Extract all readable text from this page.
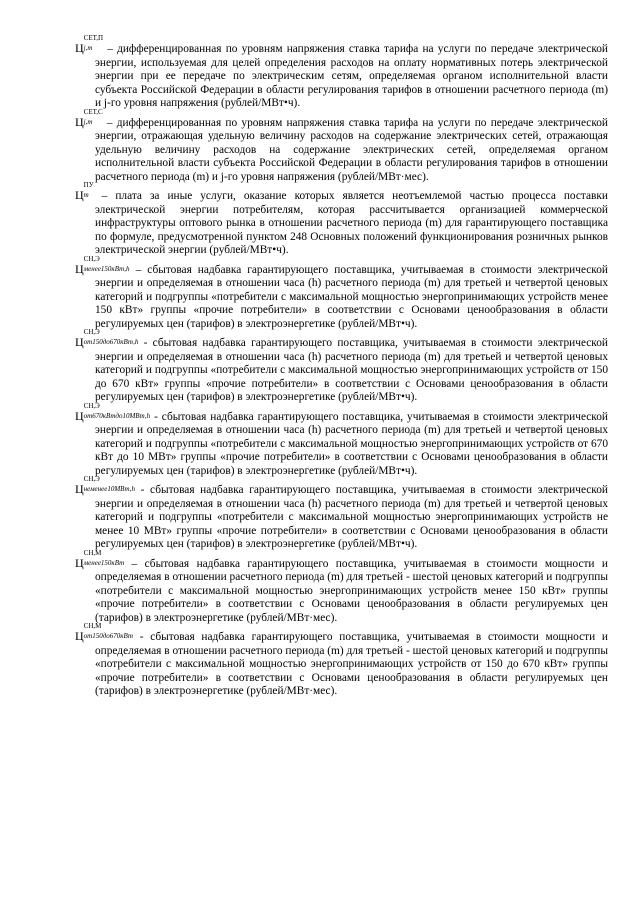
Ц
СЕТ,П
j,m – дифференцированная по уровням напряжения ставка тарифа на услуги по передаче электрической энергии, используемая для целей определения расходов на оплату нормативных потерь электрической энергии при ее передаче по электрическим сетям, определяемая органом исполнительной власти субъекта Российской Федерации в области регулирования тарифов в отношении расчетного периода (m) и j-го уровня напряжения (рублей/МВт•ч).

Ц
СЕТ,С
j,m – дифференцированная по уровням напряжения ставка тарифа на услуги по передаче электрической энергии, отражающая удельную величину расходов на содержание электрических сетей, отражающая удельную величину расходов на содержание электрических сетей, определяемая органом исполнительной власти субъекта Российской Федерации в области регулирования тарифов в отношении расчетного периода (m) и j-го уровня напряжения (рублей/МВт·мес).

Ц
ПУ
m – плата за иные услуги, оказание которых является неотъемлемой частью процесса поставки электрической энергии потребителям, которая рассчитывается организацией коммерческой инфраструктуры оптового рынка в отношении расчетного периода (m) для гарантирующего поставщика по формуле, предусмотренной пунктом 248 Основных положений функционирования розничных рынков электрической энергии (рублей/МВт•ч).

Ц
СН,Э
менее150кВт,h – сбытовая надбавка гарантирующего поставщика, учитываемая в стоимости электрической энергии и определяемая в отношении часа (h) расчетного периода (m) для третьей и четвертой ценовых категорий и подгруппы «потребители с максимальной мощностью энергопринимающих устройств менее 150 кВт» группы «прочие потребители» в соответствии с Основами ценообразования в области регулируемых цен (тарифов) в электроэнергетике (рублей/МВт•ч).

Ц
СН,Э
от150до670кВт,h - сбытовая надбавка гарантирующего поставщика, учитываемая в стоимости электрической энергии и определяемая в отношении часа (h) расчетного периода (m) для третьей и четвертой ценовых категорий и подгруппы «потребители с максимальной мощностью энергопринимающих устройств от 150 до 670 кВт» группы «прочие потребители» в соответствии с Основами ценообразования в области регулируемых цен (тарифов) в электроэнергетике (рублей/МВт•ч).

Ц
СН,Э
от670кВтдо10МВт,h - сбытовая надбавка гарантирующего поставщика, учитываемая в стоимости электрической энергии и определяемая в отношении часа (h) расчетного периода (m) для третьей и четвертой ценовых категорий и подгруппы «потребители с максимальной мощностью энергопринимающих устройств от 670 кВт до 10 МВт» группы «прочие потребители» в соответствии с Основами ценообразования в области регулируемых цен (тарифов) в электроэнергетике (рублей/МВт•ч).

Ц
СН,Э
неменее10МВт,h - сбытовая надбавка гарантирующего поставщика, учитываемая в стоимости электрической энергии и определяемая в отношении часа (h) расчетного периода (m) для третьей и четвертой ценовых категорий и подгруппы «потребители с максимальной мощностью энергопринимающих устройств не менее 10 МВт» группы «прочие потребители» в соответствии с Основами ценообразования в области регулируемых цен (тарифов) в электроэнергетике (рублей/МВт•ч).

Ц
СН,М
менее150кВт – сбытовая надбавка гарантирующего поставщика, учитываемая в стоимости мощности и определяемая в отношении расчетного периода (m) для третьей - шестой ценовых категорий и подгруппы «потребители с максимальной мощностью энергопринимающих устройств менее 150 кВт» группы «прочие потребители» в соответствии с Основами ценообразования в области регулируемых цен (тарифов) в электроэнергетике (рублей/МВт·мес).

Ц
СН,М
от150до670кВт - сбытовая надбавка гарантирующего поставщика, учитываемая в стоимости мощности и определяемая в отношении расчетного периода (m) для третьей - шестой ценовых категорий и подгруппы «потребители с максимальной мощностью энергопринимающих устройств от 150 до 670 кВт» группы «прочие потребители» в соответствии с Основами ценообразования в области регулируемых цен (тарифов) в электроэнергетике (рублей/МВт·мес).
